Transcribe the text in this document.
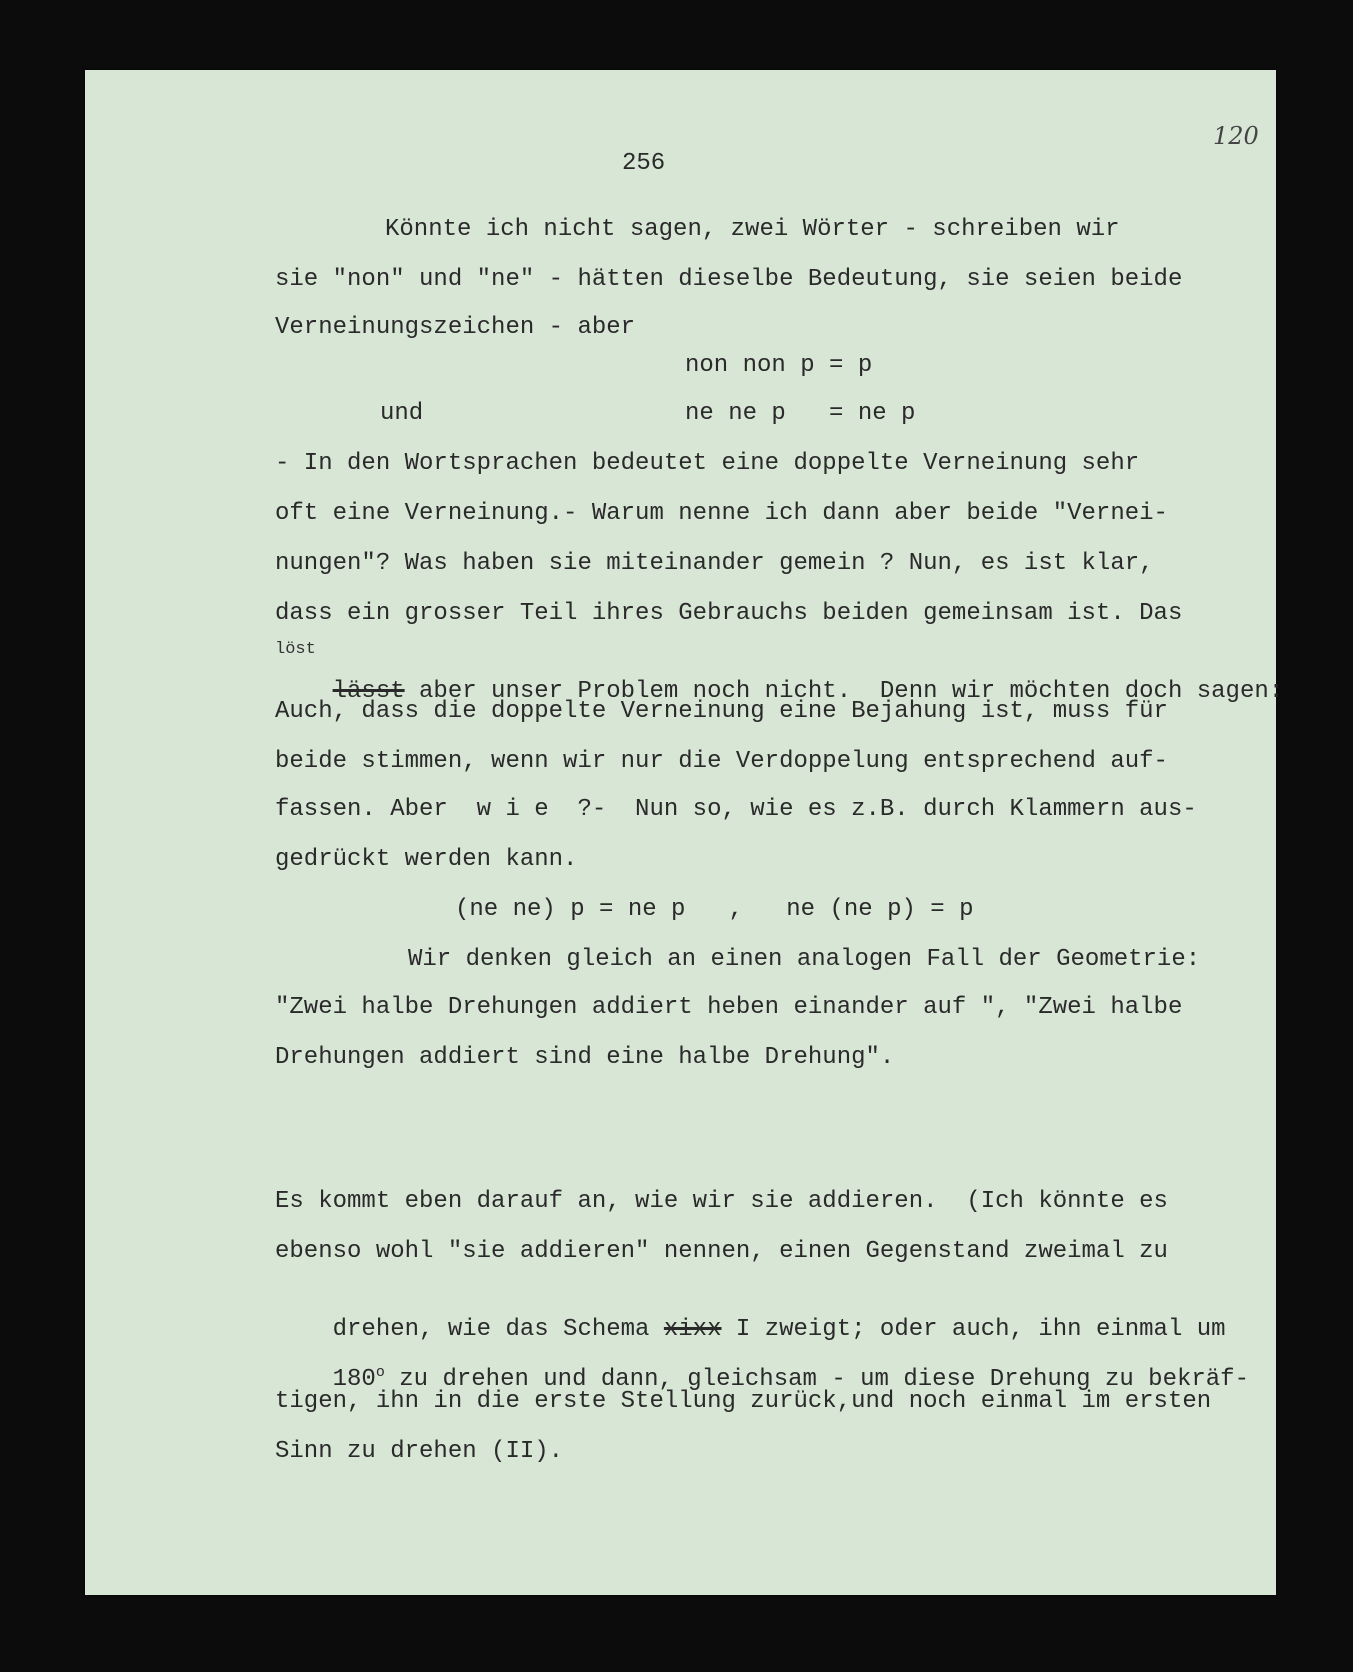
256
120
Könnte ich nicht sagen, zwei Wörter - schreiben wir
sie "non" und "ne" - hätten dieselbe Bedeutung, sie seien beide
Verneinungszeichen - aber
non non p = p
und	ne ne p   = ne p
- In den Wortsprachen bedeutet eine doppelte Verneinung sehr
oft eine Verneinung.- Warum nenne ich dann aber beide "Vernei-
nungen"? Was haben sie miteinander gemein ? Nun, es ist klar,
dass ein grosser Teil ihres Gebrauchs beiden gemeinsam ist. Das
löst

lässt aber unser Problem noch nicht.  Denn wir möchten doch sagen:

Auch, dass die doppelte Verneinung eine Bejahung ist, muss für
beide stimmen, wenn wir nur die Verdoppelung entsprechend auf-
fassen. Aber  w i e  ?-  Nun so, wie es z.B. durch Klammern aus-
gedrückt werden kann.
(ne ne) p = ne p   ,   ne (ne p) = p
Wir denken gleich an einen analogen Fall der Geometrie:
"Zwei halbe Drehungen addiert heben einander auf ", "Zwei halbe
Drehungen addiert sind eine halbe Drehung".
Es kommt eben darauf an, wie wir sie addieren.  (Ich könnte es
ebenso wohl "sie addieren" nennen, einen Gegenstand zweimal zu

drehen, wie das Schema xixx I zweigt; oder auch, ihn einmal um

180$^o$ zu drehen und dann, gleichsam - um diese Drehung zu bekräf-

tigen, ihn in die erste Stellung zurück,und noch einmal im ersten
Sinn zu drehen (II).
